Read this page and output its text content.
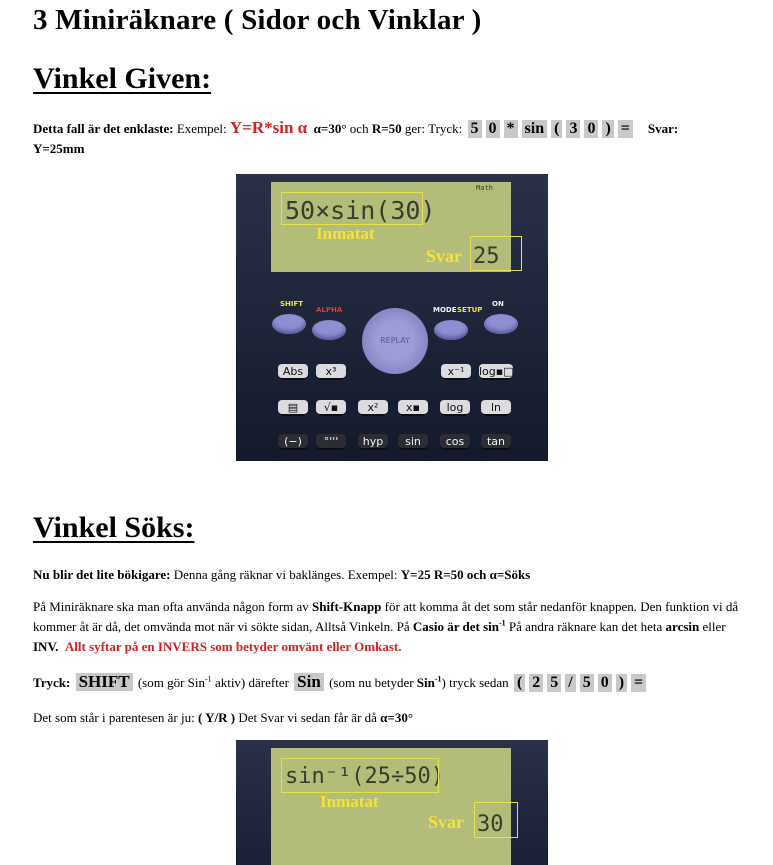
3 Miniräknare ( Sidor och Vinklar )
Vinkel Given:
Detta fall är det enklaste: Exempel: Y=R*sin α α=30° och R=50 ger: Tryck: 5 0 * sin ( 3 0 ) = Svar:
Y=25mm
Math
50×sin(30)
25
Inmatat
Svar
SHIFT
ALPHA	MODE SETUP
ON
REPLAY
Abs	x³	x⁻¹	log▪□
▤	√▪	x²	x▪	log	ln
(−)	°'''	hyp	sin	cos	tan
Vinkel Söks:
Nu blir det lite bökigare: Denna gång räknar vi baklänges. Exempel: Y=25 R=50 och α=Söks
På Miniräknare ska man ofta använda någon form av Shift-Knapp för att komma åt det som står nedanför knappen. Den funktion vi då kommer åt är då, det omvända mot när vi sökte sidan, Alltså Vinkeln. På Casio är $\det \sin^{-1}$ På andra räknare kan det heta arcsin eller INV. Allt syftar på en INVERS som betyder omvänt eller Omkast.
Tryck: SHIFT (som gör Sin$^{-1}$ aktiv) därefter Sin (som nu betyder Sin$^{-1}$) tryck sedan ( 2 5 / 5 0 ) =
Det som står i parentesen är ju: ( Y/R ) Det Svar vi sedan får är då α=30°
sin⁻¹(25÷50)
30
Inmatat
Svar
